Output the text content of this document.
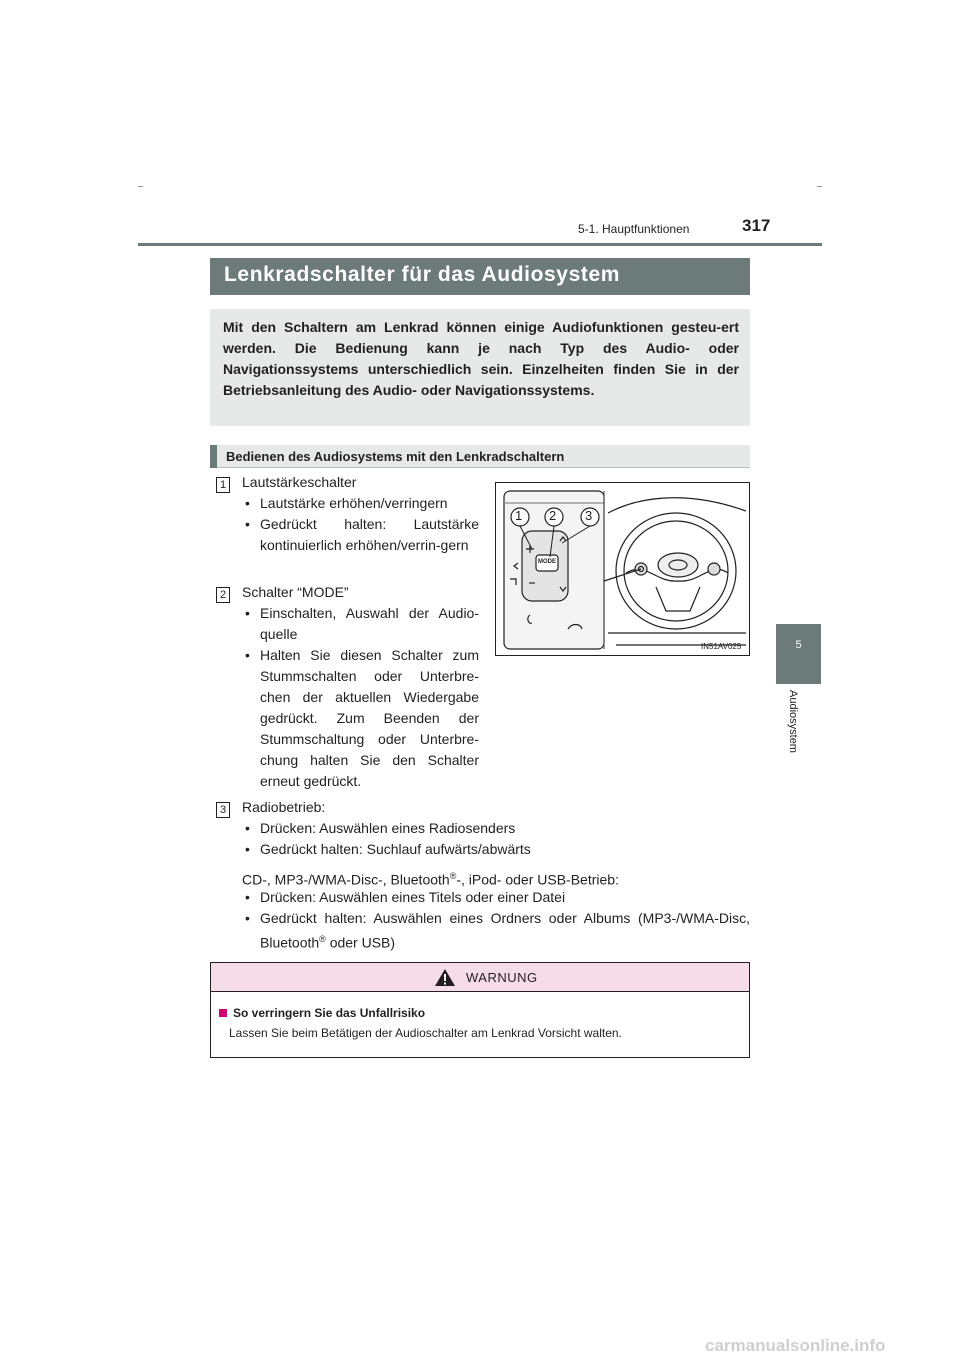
5-1. Hauptfunktionen	317
5
Audiosystem
Lenkradschalter für das Audiosystem

Mit den Schaltern am Lenkrad können einige Audiofunktionen gesteu-ert werden. Die Bedienung kann je nach Typ des Audio- oder Navigationssystems unterschiedlich sein. Einzelheiten finden Sie in der Betriebsanleitung des Audio- oder Navigationssystems.

Bedienen des Audiosystems mit den Lenkradschaltern
1 Lautstärkeschalter
• Lautstärke erhöhen/verringern
• Gedrückt halten: Lautstärke kontinuierlich erhöhen/verrin-gern
2 Schalter “MODE”
• Einschalten, Auswahl der Audio-quelle
• Halten Sie diesen Schalter zum Stummschalten oder Unterbre-chen der aktuellen Wiedergabe gedrückt. Zum Beenden der Stummschaltung oder Unterbre-chung halten Sie den Schalter erneut gedrückt.
3 Radiobetrieb:
• Drücken: Auswählen eines Radiosenders
• Gedrückt halten: Suchlauf aufwärts/abwärts
CD-, MP3-/WMA-Disc-, Bluetooth®-, iPod- oder USB-Betrieb:
• Drücken: Auswählen eines Titels oder einer Datei
• Gedrückt halten: Auswählen eines Ordners oder Albums (MP3-/WMA-Disc, Bluetooth® oder USB)
1 2 3
MODE
IN51AV025
WARNUNG
So verringern Sie das Unfallrisiko
Lassen Sie beim Betätigen der Audioschalter am Lenkrad Vorsicht walten.
carmanualsonline.info
